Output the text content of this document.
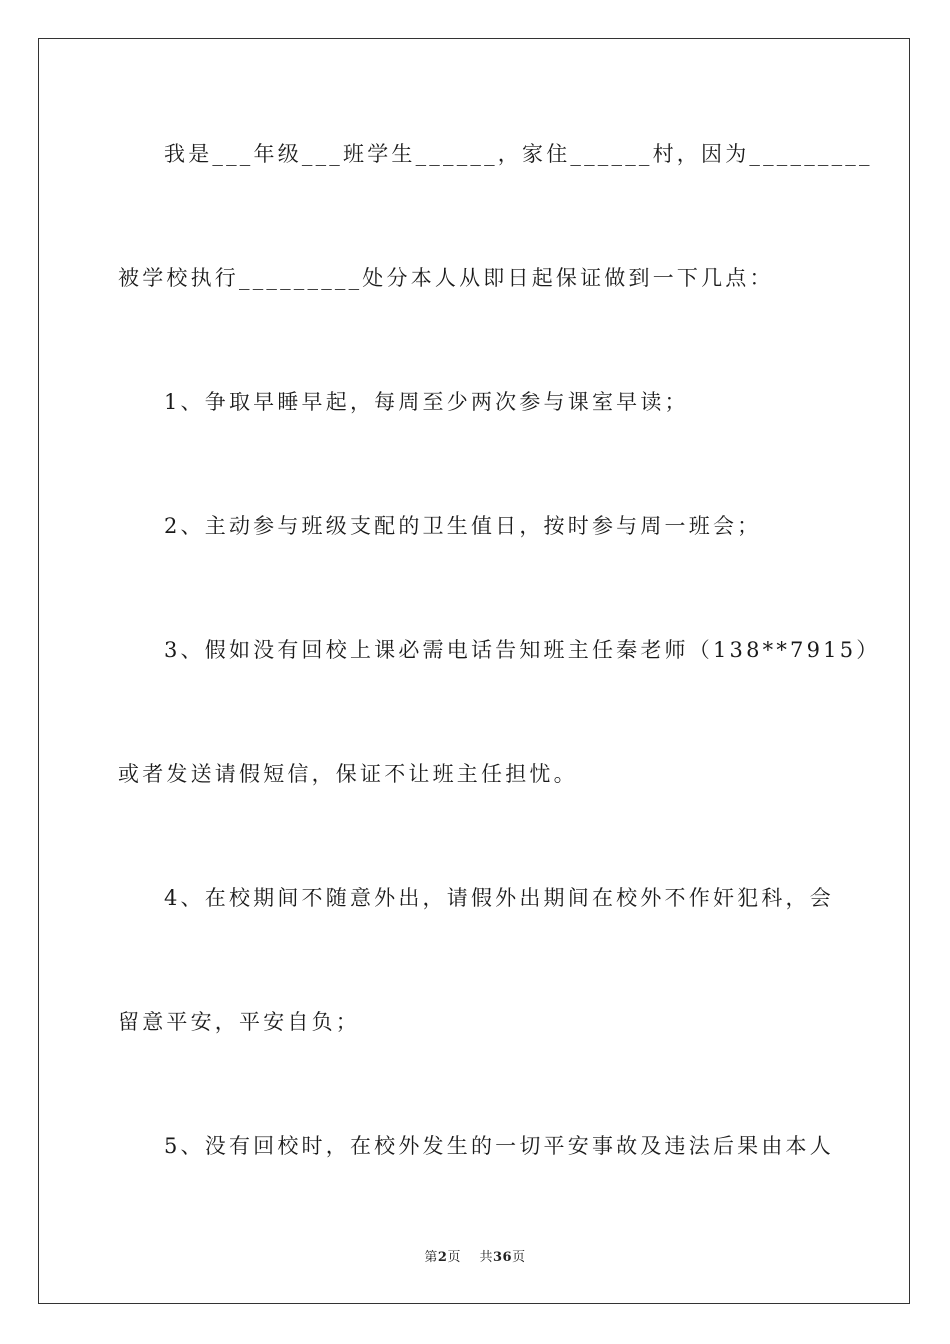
我是___年级___班学生______，家住______村，因为_________
被学校执行_________处分本人从即日起保证做到一下几点：
1、争取早睡早起，每周至少两次参与课室早读；
2、主动参与班级支配的卫生值日，按时参与周一班会；
3、假如没有回校上课必需电话告知班主任秦老师（138**7915）
或者发送请假短信，保证不让班主任担忧。
4、在校期间不随意外出，请假外出期间在校外不作奸犯科，会
留意平安，平安自负；
5、没有回校时，在校外发生的一切平安事故及违法后果由本人
第2页 共36页
